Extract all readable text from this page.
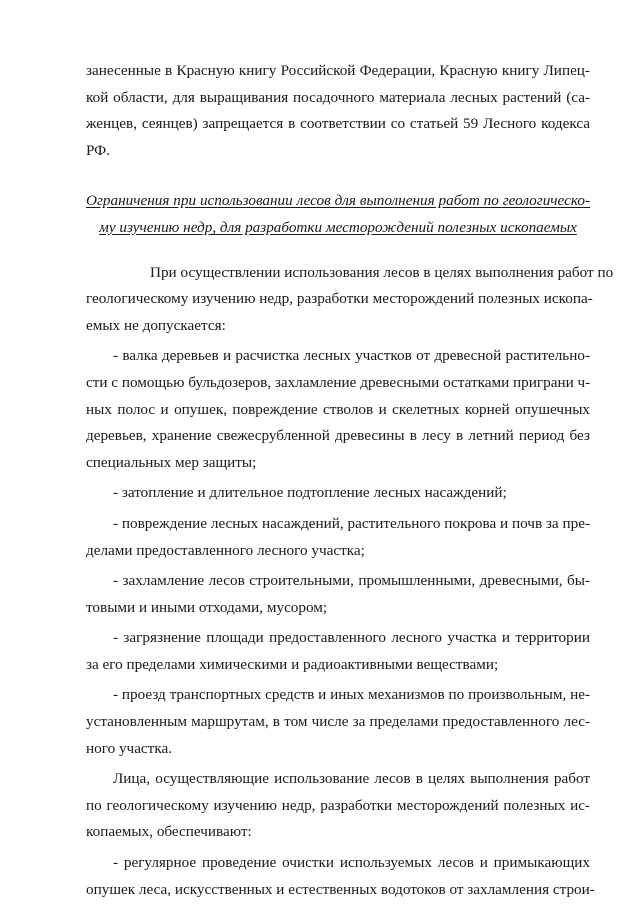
занесенные в Красную книгу Российской Федерации, Красную книгу Липец-
кой области, для выращивания посадочного материала лесных растений (са-
женцев, сеянцев) запрещается в соответствии со статьей 59 Лесного кодекса
РФ.

Ограничения при использовании лесов для выполнения работ по геологическо-
му изучению недр, для разработки месторождений полезных ископаемых

При осуществлении использования лесов в целях выполнения работ по
геологическому изучению недр, разработки месторождений полезных ископа-
емых не допускается:

- валка деревьев и расчистка лесных участков от древесной растительно-
сти с помощью бульдозеров, захламление древесными остатками приграни ч-
ных полос и опушек, повреждение стволов и скелетных корней опушечных
деревьев, хранение свежесрубленной древесины в лесу в летний период без
специальных мер защиты;

- затопление и длительное подтопление лесных насаждений;

- повреждение лесных насаждений, растительного покрова и почв за пре-
делами предоставленного лесного участка;

- захламление лесов строительными, промышленными, древесными, бы-
товыми и иными отходами, мусором;

- загрязнение площади предоставленного лесного участка и территории
за его пределами химическими и радиоактивными веществами;

- проезд транспортных средств и иных механизмов по произвольным, не-
установленным маршрутам, в том числе за пределами предоставленного лес-
ного участка.

Лица, осуществляющие использование лесов в целях выполнения работ
по геологическому изучению недр, разработки месторождений полезных ис-
копаемых, обеспечивают:

- регулярное проведение очистки используемых лесов и примыкающих
опушек леса, искусственных и естественных водотоков от захламления строи-
